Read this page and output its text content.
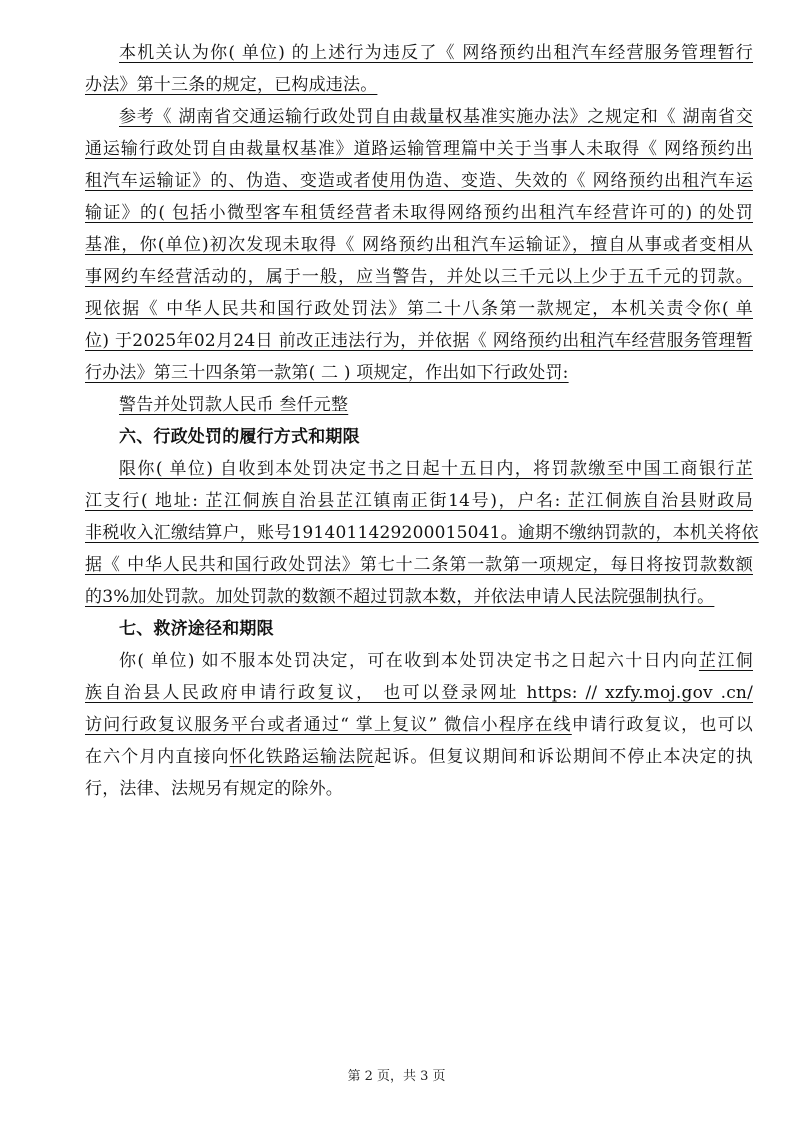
本机关认为你( 单位) 的上述行为违反了《 网络预约出租汽车经营服务管理暂行
办法》第十三条的规定，已构成违法。
参考《 湖南省交通运输行政处罚自由裁量权基准实施办法》之规定和《 湖南省交
通运输行政处罚自由裁量权基准》道路运输管理篇中关于当事人未取得《 网络预约出
租汽车运输证》的、伪造、变造或者使用伪造、变造、失效的《 网络预约出租汽车运
输证》的( 包括小微型客车租赁经营者未取得网络预约出租汽车经营许可的) 的处罚
基准，你(单位)初次发现未取得《 网络预约出租汽车运输证》，擅自从事或者变相从
事网约车经营活动的，属于一般，应当警告，并处以三千元以上少于五千元的罚款。
现依据《 中华人民共和国行政处罚法》第二十八条第一款规定，本机关责令你( 单
位) 于2025年02月24日 前改正违法行为，并依据《 网络预约出租汽车经营服务管理暂
行办法》第三十四条第一款第( 二 ) 项规定，作出如下行政处罚:
警告并处罚款人民币 叁仟元整
六、行政处罚的履行方式和期限
限你( 单位) 自收到本处罚决定书之日起十五日内，将罚款缴至中国工商银行芷
江支行( 地址: 芷江侗族自治县芷江镇南正街14号)，户名: 芷江侗族自治县财政局
非税收入汇缴结算户，账号1914011429200015041。逾期不缴纳罚款的，本机关将依
据《 中华人民共和国行政处罚法》第七十二条第一款第一项规定，每日将按罚款数额
的3%加处罚款。加处罚款的数额不超过罚款本数，并依法申请人民法院强制执行。
七、救济途径和期限
你( 单位) 如不服本处罚决定，可在收到本处罚决定书之日起六十日内向芷江侗
族自治县人民政府申请行政复议， 也可以登录网址 https: // xzfy.moj.gov .cn/
访问行政复议服务平台或者通过“ 掌上复议” 微信小程序在线申请行政复议，也可以
在六个月内直接向怀化铁路运输法院起诉。但复议期间和诉讼期间不停止本决定的执
行，法律、法规另有规定的除外。
第 2 页，共 3 页
